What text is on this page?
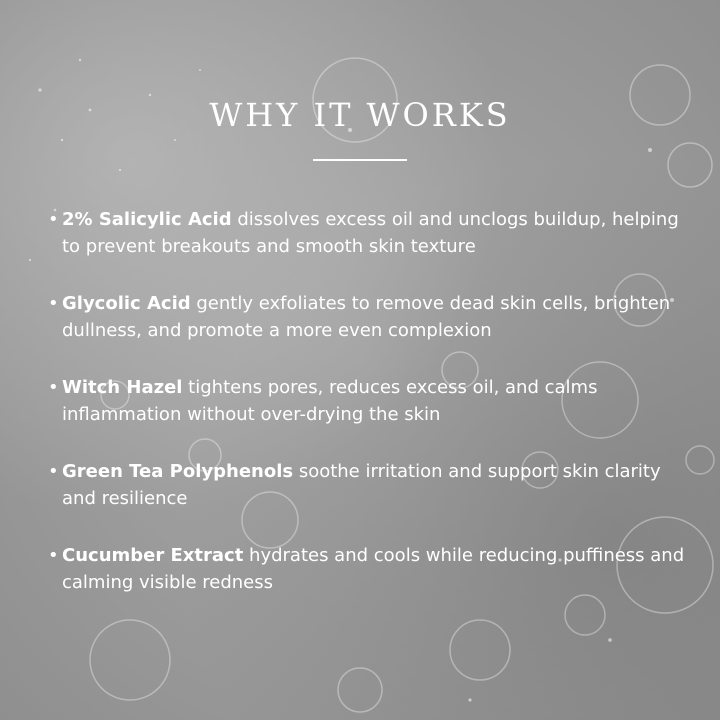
WHY IT WORKS
• 2% Salicylic Acid dissolves excess oil and unclogs buildup, helping to prevent breakouts and smooth skin texture
• Glycolic Acid gently exfoliates to remove dead skin cells, brighten dullness, and promote a more even complexion
• Witch Hazel tightens pores, reduces excess oil, and calms inflammation without over-drying the skin
• Green Tea Polyphenols soothe irritation and support skin clarity and resilience
• Cucumber Extract hydrates and cools while reducing puffiness and calming visible redness
